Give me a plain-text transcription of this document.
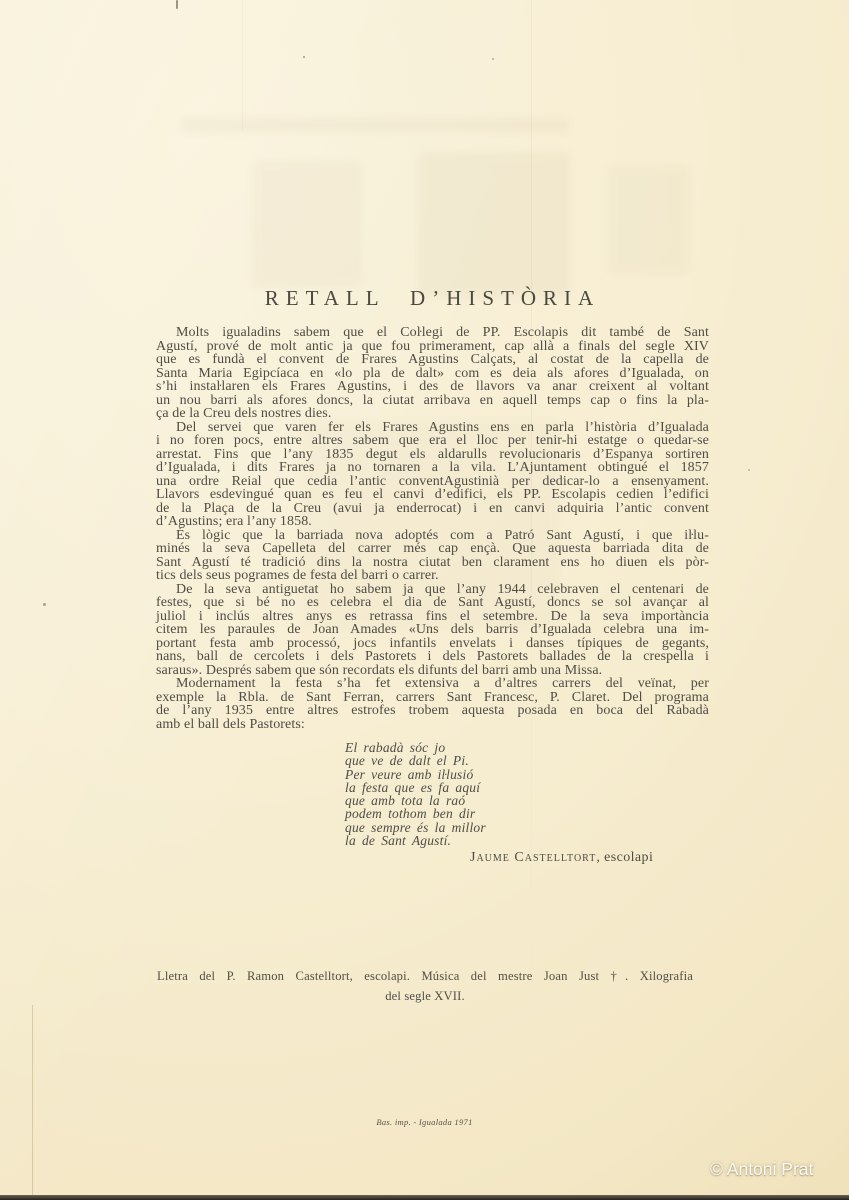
RETALL D’HISTÒRIA
Molts igualadins sabem que el Coŀlegi de PP. Escolapis dit també de Sant
Agustí, prové de molt antic ja que fou primerament, cap allà a finals del segle XIV
que es fundà el convent de Frares Agustins Calçats, al costat de la capella de
Santa Maria Egipcíaca en «lo pla de dalt» com es deia als afores d’Igualada, on
s’hi instaŀlaren els Frares Agustins, i des de llavors va anar creixent al voltant
un nou barri als afores doncs, la ciutat arribava en aquell temps cap o fins la pla-
ça de la Creu dels nostres dies.
Del servei que varen fer els Frares Agustins ens en parla l’història d’Igualada
i no foren pocs, entre altres sabem que era el lloc per tenir-hi estatge o quedar-se
arrestat. Fins que l’any 1835 degut els aldarulls revolucionaris d’Espanya sortiren
d’Igualada, i dits Frares ja no tornaren a la vila. L’Ajuntament obtingué el 1857
una ordre Reial que cedia l’antic conventAgustinià per dedicar-lo a ensenyament.
Llavors esdevingué quan es feu el canvi d’edifici, els PP. Escolapis cedien l’edifici
de la Plaça de la Creu (avui ja enderrocat) i en canvi adquiria l’antic convent
d’Agustins; era l’any 1858.
És lògic que la barriada nova adoptés com a Patró Sant Agustí, i que iŀlu-
minés la seva Capelleta del carrer més cap ençà. Que aquesta barriada dita de
Sant Agustí té tradició dins la nostra ciutat ben clarament ens ho diuen els pòr-
tics dels seus pogrames de festa del barri o carrer.
De la seva antiguetat ho sabem ja que l’any 1944 celebraven el centenari de
festes, que si bé no es celebra el dia de Sant Agustí, doncs se sol avançar al
juliol i inclús altres anys es retrassa fins el setembre. De la seva importància
citem les paraules de Joan Amades «Uns dels barris d’Igualada celebra una im-
portant festa amb processó, jocs infantils envelats i danses típiques de gegants,
nans, ball de cercolets i dels Pastorets i dels Pastorets ballades de la crespella i
saraus». Després sabem que són recordats els difunts del barri amb una Missa.
Modernament la festa s’ha fet extensiva a d’altres carrers del veïnat, per
exemple la Rbla. de Sant Ferran, carrers Sant Francesc, P. Claret. Del programa
de l’any 1935 entre altres estrofes trobem aquesta posada en boca del Rabadà
amb el ball dels Pastorets:
El rabadà sóc jo
que ve de dalt el Pi.
Per veure amb iŀlusió
la festa que es fa aquí
que amb tota la raó
podem tothom ben dir
que sempre és la millor
la de Sant Agustí.
Jaume Castelltort, escolapi
Lletra del P. Ramon Castelltort, escolapi. Música del mestre Joan Just †. Xilografia
del segle XVII.
Bas. imp. - Igualada 1971
© Antoni Prat
